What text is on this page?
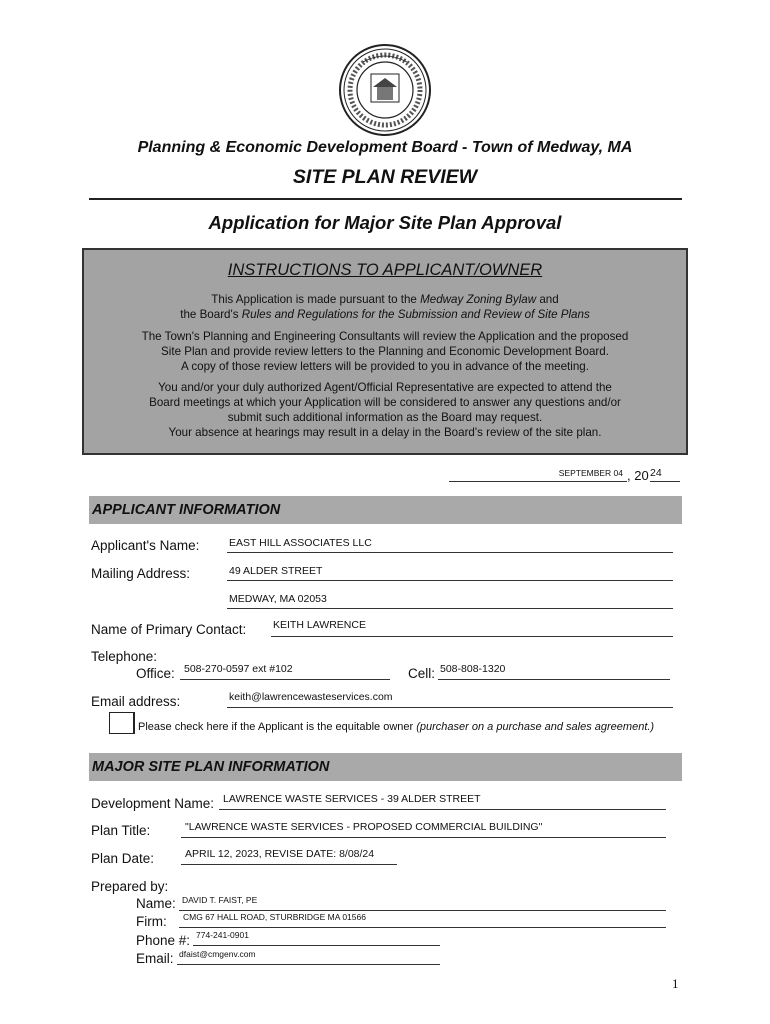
Planning & Economic Development Board - Town of Medway, MA
SITE PLAN REVIEW
Application for Major Site Plan Approval
INSTRUCTIONS TO APPLICANT/OWNER
This Application is made pursuant to the Medway Zoning Bylaw and
the Board's Rules and Regulations for the Submission and Review of Site Plans
The Town's Planning and Engineering Consultants will review the Application and the proposed
Site Plan and provide review letters to the Planning and Economic Development Board.
A copy of those review letters will be provided to you in advance of the meeting.
You and/or your duly authorized Agent/Official Representative are expected to attend the
Board meetings at which your Application will be considered to answer any questions and/or
submit such additional information as the Board may request.
Your absence at hearings may result in a delay in the Board's review of the site plan.
SEPTEMBER 04 , 20 24
APPLICANT INFORMATION
Applicant's Name:	EAST HILL ASSOCIATES LLC
Mailing Address:	49 ALDER STREET
MEDWAY, MA 02053
Name of Primary Contact:	KEITH LAWRENCE
Telephone:
Office: 508-270-0597 ext #102	Cell: 508-808-1320
Email address:	keith@lawrencewasteservices.com
Please check here if the Applicant is the equitable owner (purchaser on a purchase and sales agreement.)
MAJOR SITE PLAN INFORMATION
Development Name: LAWRENCE WASTE SERVICES - 39 ALDER STREET
Plan Title:	"LAWRENCE WASTE SERVICES - PROPOSED COMMERCIAL BUILDING"
Plan Date:	APRIL 12, 2023, REVISE DATE: 8/08/24
Prepared by:
Name: DAVID T. FAIST, PE
Firm: CMG 67 HALL ROAD, STURBRIDGE MA 01566
Phone #: 774-241-0901
Email: dfaist@cmgenv.com
1
